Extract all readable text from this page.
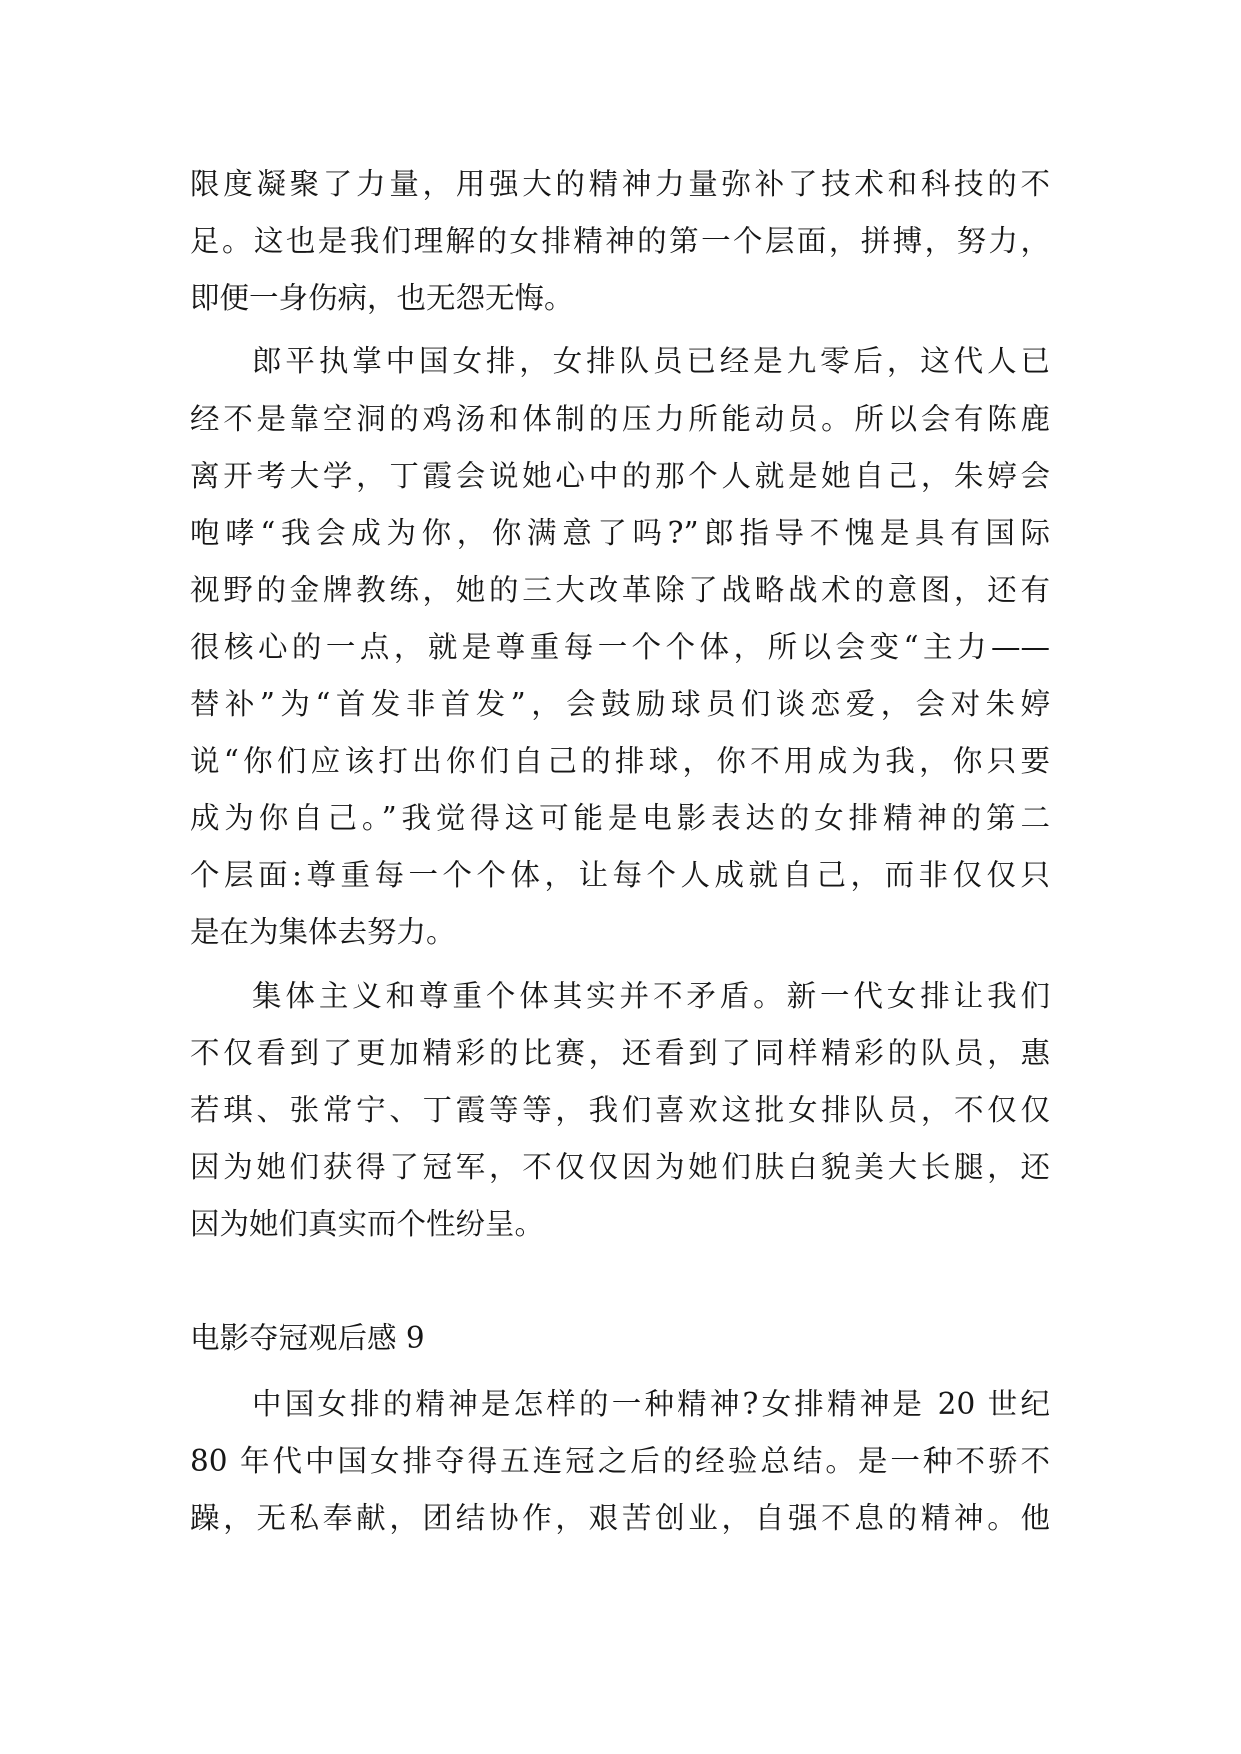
限度凝聚了力量，用强大的精神力量弥补了技术和科技的不

足。这也是我们理解的女排精神的第一个层面，拼搏，努力，

即便一身伤病，也无怨无悔。

郎平执掌中国女排，女排队员已经是九零后，这代人已

经不是靠空洞的鸡汤和体制的压力所能动员。所以会有陈鹿

离开考大学，丁霞会说她心中的那个人就是她自己，朱婷会

咆哮“我会成为你，你满意了吗?”郎指导不愧是具有国际

视野的金牌教练，她的三大改革除了战略战术的意图，还有

很核心的一点，就是尊重每一个个体，所以会变“主力——

替补”为“首发非首发”，会鼓励球员们谈恋爱，会对朱婷

说“你们应该打出你们自己的排球，你不用成为我，你只要

成为你自己。”我觉得这可能是电影表达的女排精神的第二

个层面:尊重每一个个体，让每个人成就自己，而非仅仅只

是在为集体去努力。

集体主义和尊重个体其实并不矛盾。新一代女排让我们

不仅看到了更加精彩的比赛，还看到了同样精彩的队员，惠

若琪、张常宁、丁霞等等，我们喜欢这批女排队员，不仅仅

因为她们获得了冠军，不仅仅因为她们肤白貌美大长腿，还

因为她们真实而个性纷呈。

电影夺冠观后感 9

中国女排的精神是怎样的一种精神?女排精神是 20 世纪

80 年代中国女排夺得五连冠之后的经验总结。是一种不骄不

躁，无私奉献，团结协作，艰苦创业，自强不息的精神。他
